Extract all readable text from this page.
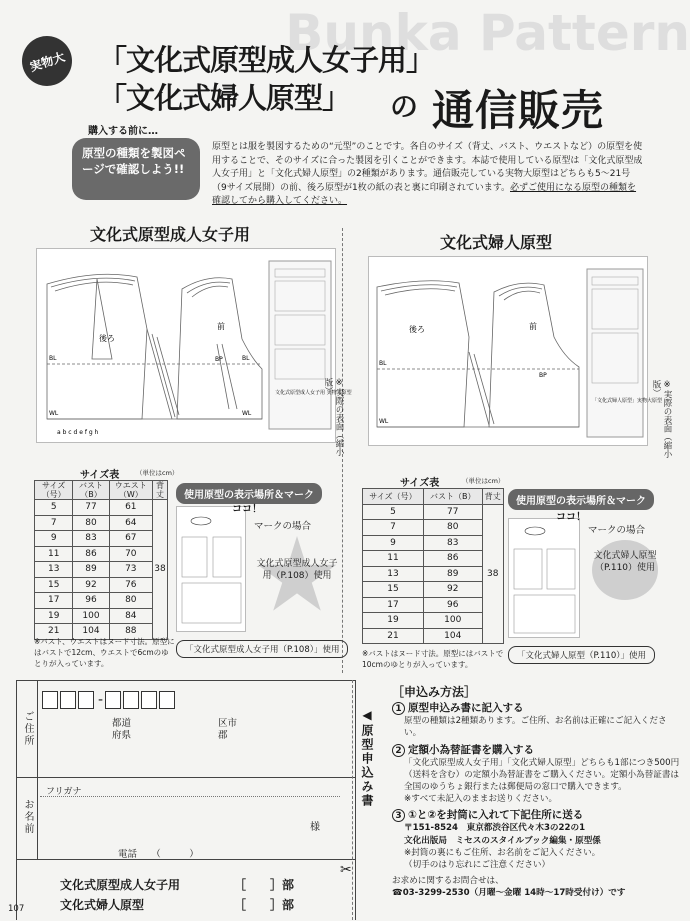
Bunka Pattern
実物大	「文化式原型成人女子用」
「文化式婦人原型」 の 通信販売
購入する前に…
原型の種類を製図ページで確認しよう!!
原型とは服を製図するための“元型”のことです。各自のサイズ（背丈、バスト、ウエストなど）の原型を使用することで、そのサイズに合った製図を引くことができます。本誌で使用している原型は「文化式原型成人女子用」と「文化式婦人原型」の2種類があります。通信販売している実物大原型はどちらも5〜21号（9サイズ展開）の前、後ろ原型が1枚の紙の表と裏に印刷されています。必ずご使用になる原型の種類を確認してから購入してください。
文化式原型成人女子用
後ろ
前
BL
WL
BL
WL
BP
a b c d e f g h
文化式原型成人女子用 実物大原型
※実際の表面（縮小版）
サイズ表	（単位はcm）
サイズ（号）	バスト（B）	ウエスト（W）	背丈
5	77	61	38
7	80	64	
9	83	67	
11	86	70	
13	89	73	
15	92	76	
17	96	80	
19	100	84	
21	104	88	
※バスト、ウエストはヌード寸法。原型にはバストで12cm、ウエストで6cmのゆとりが入っています。
使用原型の表示場所＆マーク
ココ！
マークの場合
文化式原型成人女子用（P.108）使用
「文化式原型成人女子用（P.108）」使用
文化式婦人原型
後ろ	前
BL
WL
BP
「文化式婦人原型」実物大原型 ※実際の表面（縮小版）
サイズ表	（単位はcm）
サイズ（号）	バスト（B）	背丈
5	77	38
7	80	
9	83	
11	86	
13	89	
15	92	
17	96	
19	100	
21	104	
※バストはヌード寸法。原型にはバストで10cmのゆとりが入っています。
使用原型の表示場所＆マーク
ココ！
マークの場合
文化式婦人原型（P.110）使用
「文化式婦人原型（P.110）」使用
ご住所
お名前
-
都道府県
区市郡
フリガナ
様
電話　　（　　　）
文化式原型成人女子用	［　　］部
文化式婦人原型	［　　］部
107
◀原型申込み書
✂
［申込み方法］
1 原型申込み書に記入する
原型の種類は2種類あります。ご住所、お名前は正確にご記入ください。
2 定額小為替証書を購入する
「文化式原型成人女子用」「文化式婦人原型」どちらも1部につき500円（送料を含む）の定額小為替証書をご購入ください。定額小為替証書は全国のゆうちょ銀行または郵便局の窓口で購入できます。
※すべて未記入のままお送りください。
3 ①と②を封筒に入れて下記住所に送る
〒151-8524　東京都渋谷区代々木3の22の1
文化出版局　ミセスのスタイルブック編集・原型係
※封筒の裏にもご住所、お名前をご記入ください。
（切手のはり忘れにご注意ください）
お求めに関するお問合せは、
☎03-3299-2530（月曜〜金曜 14時〜17時受付け）です
